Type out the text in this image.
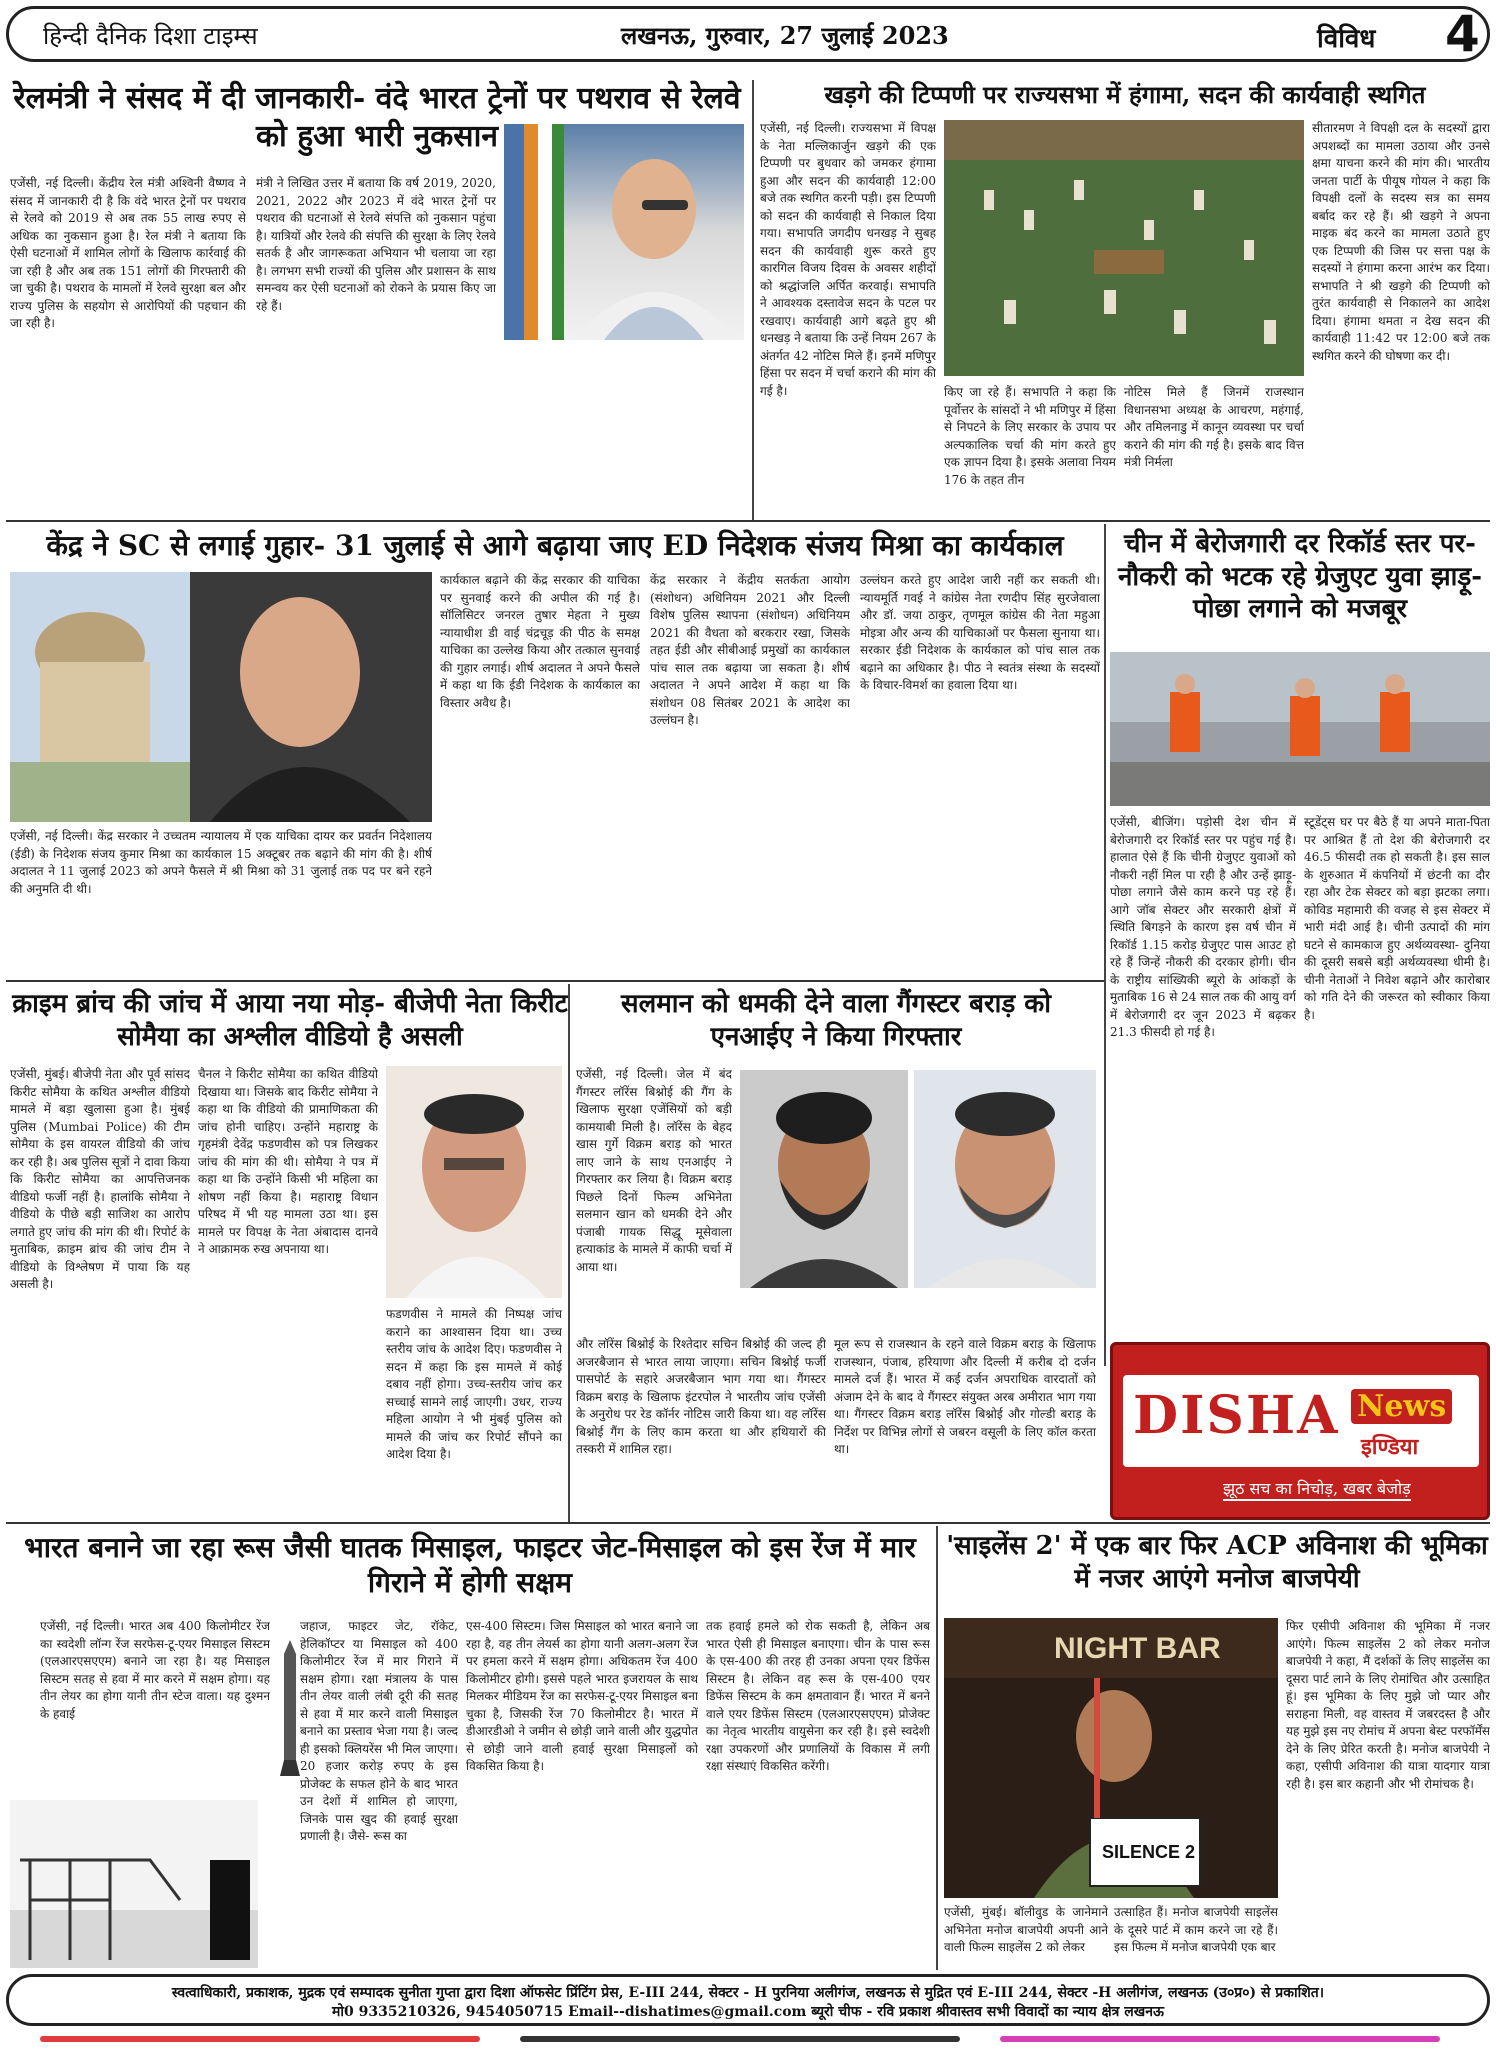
हिन्दी दैनिक दिशा टाइम्स	लखनऊ, गुरुवार, 27 जुलाई 2023	विविध 4
रेलमंत्री ने संसद में दी जानकारी- वंदे भारत ट्रेनों पर पथराव से रेलवे को हुआ भारी नुकसान

एजेंसी, नई दिल्ली। केंद्रीय रेल मंत्री अश्विनी वैष्णव ने संसद में जानकारी दी है कि वंदे भारत ट्रेनों पर पथराव से रेलवे को 2019 से अब तक 55 लाख रुपए से अधिक का नुकसान हुआ है। रेल मंत्री ने बताया कि ऐसी घटनाओं में शामिल लोगों के खिलाफ कार्रवाई की जा रही है और अब तक 151 लोगों की गिरफ्तारी की जा चुकी है। पथराव के मामलों में रेलवे सुरक्षा बल और राज्य पुलिस के सहयोग से आरोपियों की पहचान की जा रही है।

मंत्री ने लिखित उत्तर में बताया कि वर्ष 2019, 2020, 2021, 2022 और 2023 में वंदे भारत ट्रेनों पर पथराव की घटनाओं से रेलवे संपत्ति को नुकसान पहुंचा है। यात्रियों और रेलवे की संपत्ति की सुरक्षा के लिए रेलवे सतर्क है और जागरूकता अभियान भी चलाया जा रहा है। लगभग सभी राज्यों की पुलिस और प्रशासन के साथ समन्वय कर ऐसी घटनाओं को रोकने के प्रयास किए जा रहे हैं।

खड़गे की टिप्पणी पर राज्यसभा में हंगामा, सदन की कार्यवाही स्थगित

एजेंसी, नई दिल्ली। राज्यसभा में विपक्ष के नेता मल्लिकार्जुन खड़गे की एक टिप्पणी पर बुधवार को जमकर हंगामा हुआ और सदन की कार्यवाही 12:00 बजे तक स्थगित करनी पड़ी। इस टिप्पणी को सदन की कार्यवाही से निकाल दिया गया। सभापति जगदीप धनखड़ ने सुबह सदन की कार्यवाही शुरू करते हुए कारगिल विजय दिवस के अवसर शहीदों को श्रद्धांजलि अर्पित करवाई। सभापति ने आवश्यक दस्तावेज सदन के पटल पर रखवाए। कार्यवाही आगे बढ़ते हुए श्री धनखड़ ने बताया कि उन्हें नियम 267 के अंतर्गत 42 नोटिस मिले हैं। इनमें मणिपुर हिंसा पर सदन में चर्चा कराने की मांग की गई है।	किए जा रहे हैं। सभापति ने कहा कि पूर्वोत्तर के सांसदों ने भी मणिपुर में हिंसा से निपटने के लिए सरकार के उपाय पर अल्पकालिक चर्चा की मांग करते हुए एक ज्ञापन दिया है। इसके अलावा नियम 176 के तहत तीन

नोटिस मिले हैं जिनमें राजस्थान विधानसभा अध्यक्ष के आचरण, महंगाई, और तमिलनाडु में कानून व्यवस्था पर चर्चा कराने की मांग की गई है। इसके बाद वित्त मंत्री निर्मला

सीतारमण ने विपक्षी दल के सदस्यों द्वारा अपशब्दों का मामला उठाया और उनसे क्षमा याचना करने की मांग की। भारतीय जनता पार्टी के पीयूष गोयल ने कहा कि विपक्षी दलों के सदस्य सत्र का समय बर्बाद कर रहे हैं। श्री खड़गे ने अपना माइक बंद करने का मामला उठाते हुए एक टिप्पणी की जिस पर सत्ता पक्ष के सदस्यों ने हंगामा करना आरंभ कर दिया। सभापति ने श्री खड़गे की टिप्पणी को तुरंत कार्यवाही से निकालने का आदेश दिया। हंगामा थमता न देख सदन की कार्यवाही 11:42 पर 12:00 बजे तक स्थगित करने की घोषणा कर दी।

केंद्र ने SC से लगाई गुहार- 31 जुलाई से आगे बढ़ाया जाए ED निदेशक संजय मिश्रा का कार्यकाल

एजेंसी, नई दिल्ली। केंद्र सरकार ने उच्चतम न्यायालय में एक याचिका दायर कर प्रवर्तन निदेशालय (ईडी) के निदेशक संजय कुमार मिश्रा का कार्यकाल 15 अक्टूबर तक बढ़ाने की मांग की है। शीर्ष अदालत ने 11 जुलाई 2023 को अपने फैसले में श्री मिश्रा को 31 जुलाई तक पद पर बने रहने की अनुमति दी थी।

कार्यकाल बढ़ाने की केंद्र सरकार की याचिका पर सुनवाई करने की अपील की गई है। सॉलिसिटर जनरल तुषार मेहता ने मुख्य न्यायाधीश डी वाई चंद्रचूड़ की पीठ के समक्ष याचिका का उल्लेख किया और तत्काल सुनवाई की गुहार लगाई। शीर्ष अदालत ने अपने फैसले में कहा था कि ईडी निदेशक के कार्यकाल का विस्तार अवैध है।

केंद्र सरकार ने केंद्रीय सतर्कता आयोग (संशोधन) अधिनियम 2021 और दिल्ली विशेष पुलिस स्थापना (संशोधन) अधिनियम 2021 की वैधता को बरकरार रखा, जिसके तहत ईडी और सीबीआई प्रमुखों का कार्यकाल पांच साल तक बढ़ाया जा सकता है। शीर्ष अदालत ने अपने आदेश में कहा था कि संशोधन 08 सितंबर 2021 के आदेश का उल्लंघन है।

उल्लंघन करते हुए आदेश जारी नहीं कर सकती थी। न्यायमूर्ति गवई ने कांग्रेस नेता रणदीप सिंह सुरजेवाला और डॉ. जया ठाकुर, तृणमूल कांग्रेस की नेता महुआ मोइत्रा और अन्य की याचिकाओं पर फैसला सुनाया था। सरकार ईडी निदेशक के कार्यकाल को पांच साल तक बढ़ाने का अधिकार है। पीठ ने स्वतंत्र संस्था के सदस्यों के विचार-विमर्श का हवाला दिया था।

चीन में बेरोजगारी दर रिकॉर्ड स्तर पर- नौकरी को भटक रहे ग्रेजुएट युवा झाड़ू-पोछा लगाने को मजबूर

एजेंसी, बीजिंग। पड़ोसी देश चीन में बेरोजगारी दर रिकॉर्ड स्तर पर पहुंच गई है। हालात ऐसे हैं कि चीनी ग्रेजुएट युवाओं को नौकरी नहीं मिल पा रही है और उन्हें झाड़ू-पोछा लगाने जैसे काम करने पड़ रहे हैं। आगे जॉब सेक्टर और सरकारी क्षेत्रों में स्थिति बिगड़ने के कारण इस वर्ष चीन में रिकॉर्ड 1.15 करोड़ ग्रेजुएट पास आउट हो रहे हैं जिन्हें नौकरी की दरकार होगी। चीन के राष्ट्रीय सांख्यिकी ब्यूरो के आंकड़ों के मुताबिक 16 से 24 साल तक की आयु वर्ग में बेरोजगारी दर जून 2023 में बढ़कर 21.3 फीसदी हो गई है।

स्टूडेंट्स घर पर बैठे हैं या अपने माता-पिता पर आश्रित हैं तो देश की बेरोजगारी दर 46.5 फीसदी तक हो सकती है। इस साल के शुरुआत में कंपनियों में छंटनी का दौर रहा और टेक सेक्टर को बड़ा झटका लगा। कोविड महामारी की वजह से इस सेक्टर में भारी मंदी आई है। चीनी उत्पादों की मांग घटने से कामकाज हुए अर्थव्यवस्था- दुनिया की दूसरी सबसे बड़ी अर्थव्यवस्था धीमी है। चीनी नेताओं ने निवेश बढ़ाने और कारोबार को गति देने की जरूरत को स्वीकार किया है।

क्राइम ब्रांच की जांच में आया नया मोड़- बीजेपी नेता किरीट सोमैया का अश्लील वीडियो है असली

एजेंसी, मुंबई। बीजेपी नेता और पूर्व सांसद किरीट सोमैया के कथित अश्लील वीडियो मामले में बड़ा खुलासा हुआ है। मुंबई पुलिस (Mumbai Police) की टीम सोमैया के इस वायरल वीडियो की जांच कर रही है। अब पुलिस सूत्रों ने दावा किया कि किरीट सोमैया का आपत्तिजनक वीडियो फर्जी नहीं है। हालांकि सोमैया ने वीडियो के पीछे बड़ी साजिश का आरोप लगाते हुए जांच की मांग की थी। रिपोर्ट के मुताबिक, क्राइम ब्रांच की जांच टीम ने वीडियो के विश्लेषण में पाया कि यह असली है।

चैनल ने किरीट सोमैया का कथित वीडियो दिखाया था। जिसके बाद किरीट सोमैया ने कहा था कि वीडियो की प्रामाणिकता की जांच होनी चाहिए। उन्होंने महाराष्ट्र के गृहमंत्री देवेंद्र फडणवीस को पत्र लिखकर जांच की मांग की थी। सोमैया ने पत्र में कहा था कि उन्होंने किसी भी महिला का शोषण नहीं किया है। महाराष्ट्र विधान परिषद में भी यह मामला उठा था। इस मामले पर विपक्ष के नेता अंबादास दानवे ने आक्रामक रुख अपनाया था।

फडणवीस ने मामले की निष्पक्ष जांच कराने का आश्वासन दिया था। उच्च स्तरीय जांच के आदेश दिए। फडणवीस ने सदन में कहा कि इस मामले में कोई दबाव नहीं होगा। उच्च-स्तरीय जांच कर सच्चाई सामने लाई जाएगी। उधर, राज्य महिला आयोग ने भी मुंबई पुलिस को मामले की जांच कर रिपोर्ट सौंपने का आदेश दिया है।

सलमान को धमकी देने वाला गैंगस्टर बराड़ को एनआईए ने किया गिरफ्तार

एजेंसी, नई दिल्ली। जेल में बंद गैंगस्टर लॉरेंस बिश्नोई की गैंग के खिलाफ सुरक्षा एजेंसियों को बड़ी कामयाबी मिली है। लॉरेंस के बेहद खास गुर्गे विक्रम बराड़ को भारत लाए जाने के साथ एनआईए ने गिरफ्तार कर लिया है। विक्रम बराड़ पिछले दिनों फिल्म अभिनेता सलमान खान को धमकी देने और पंजाबी गायक सिद्धू मूसेवाला हत्याकांड के मामले में काफी चर्चा में आया था।

और लॉरेंस बिश्नोई के रिश्तेदार सचिन बिश्नोई की जल्द ही अजरबैजान से भारत लाया जाएगा। सचिन बिश्नोई फर्जी पासपोर्ट के सहारे अजरबैजान भाग गया था। गैंगस्टर विक्रम बराड़ के खिलाफ इंटरपोल ने भारतीय जांच एजेंसी के अनुरोध पर रेड कॉर्नर नोटिस जारी किया था। वह लॉरेंस बिश्नोई गैंग के लिए काम करता था और हथियारों की तस्करी में शामिल रहा।

मूल रूप से राजस्थान के रहने वाले विक्रम बराड़ के खिलाफ राजस्थान, पंजाब, हरियाणा और दिल्ली में करीब दो दर्जन मामले दर्ज हैं। भारत में कई दर्जन अपराधिक वारदातों को अंजाम देने के बाद वे गैंगस्टर संयुक्त अरब अमीरात भाग गया था। गैंगस्टर विक्रम बराड़ लॉरेंस बिश्नोई और गोल्डी बराड़ के निर्देश पर विभिन्न लोगों से जबरन वसूली के लिए कॉल करता था।

DISHA News
इण्डिया
झूठ सच का निचोड़, खबर बेजोड़
भारत बनाने जा रहा रूस जैसी घातक मिसाइल, फाइटर जेट-मिसाइल को इस रेंज में मार गिराने में होगी सक्षम

एजेंसी, नई दिल्ली। भारत अब 400 किलोमीटर रेंज का स्वदेशी लॉन्ग रेंज सरफेस-टू-एयर मिसाइल सिस्टम (एलआरएसएएम) बनाने जा रहा है। यह मिसाइल सिस्टम सतह से हवा में मार करने में सक्षम होगा। यह तीन लेयर का होगा यानी तीन स्टेज वाला। यह दुश्मन के हवाई

जहाज, फाइटर जेट, रॉकेट, हेलिकॉप्टर या मिसाइल को 400 किलोमीटर रेंज में मार गिराने में सक्षम होगा। रक्षा मंत्रालय के पास तीन लेयर वाली लंबी दूरी की सतह से हवा में मार करने वाली मिसाइल बनाने का प्रस्ताव भेजा गया है। जल्द ही इसको क्लियरेंस भी मिल जाएगा। 20 हजार करोड़ रुपए के इस प्रोजेक्ट के सफल होने के बाद भारत उन देशों में शामिल हो जाएगा, जिनके पास खुद की हवाई सुरक्षा प्रणाली है। जैसे- रूस का

एस-400 सिस्टम। जिस मिसाइल को भारत बनाने जा रहा है, वह तीन लेयर्स का होगा यानी अलग-अलग रेंज पर हमला करने में सक्षम होगा। अधिकतम रेंज 400 किलोमीटर होगी। इससे पहले भारत इजरायल के साथ मिलकर मीडियम रेंज का सरफेस-टू-एयर मिसाइल बना चुका है, जिसकी रेंज 70 किलोमीटर है। भारत में डीआरडीओ ने जमीन से छोड़ी जाने वाली और युद्धपोत से छोड़ी जाने वाली हवाई सुरक्षा मिसाइलों को विकसित किया है।

तक हवाई हमले को रोक सकती है, लेकिन अब भारत ऐसी ही मिसाइल बनाएगा। चीन के पास रूस के एस-400 की तरह ही उनका अपना एयर डिफेंस सिस्टम है। लेकिन वह रूस के एस-400 एयर डिफेंस सिस्टम के कम क्षमतावान हैं। भारत में बनने वाले एयर डिफेंस सिस्टम (एलआरएसएएम) प्रोजेक्ट का नेतृत्व भारतीय वायुसेना कर रही है। इसे स्वदेशी रक्षा उपकरणों और प्रणालियों के विकास में लगी रक्षा संस्थाएं विकसित करेंगी।

'साइलेंस 2' में एक बार फिर ACP अविनाश की भूमिका में नजर आएंगे मनोज बाजपेयी
NIGHT BAR
SILENCE 2

एजेंसी, मुंबई। बॉलीवुड के जानेमाने अभिनेता मनोज बाजपेयी अपनी आने वाली फिल्म साइलेंस 2 को लेकर

उत्साहित हैं। मनोज बाजपेयी साइलेंस के दूसरे पार्ट में काम करने जा रहे हैं। इस फिल्म में मनोज बाजपेयी एक बार

फिर एसीपी अविनाश की भूमिका में नजर आएंगे। फिल्म साइलेंस 2 को लेकर मनोज बाजपेयी ने कहा, मैं दर्शकों के लिए साइलेंस का दूसरा पार्ट लाने के लिए रोमांचित और उत्साहित हूं। इस भूमिका के लिए मुझे जो प्यार और सराहना मिली, वह वास्तव में जबरदस्त है और यह मुझे इस नए रोमांच में अपना बेस्ट परफॉर्मेंस देने के लिए प्रेरित करती है। मनोज बाजपेयी ने कहा, एसीपी अविनाश की यात्रा यादगार यात्रा रही है। इस बार कहानी और भी रोमांचक है।

स्वत्वाधिकारी, प्रकाशक, मुद्रक एवं सम्पादक सुनीता गुप्ता द्वारा दिशा ऑफसेट प्रिंटिंग प्रेस, E-III 244, सेक्टर - H पुरनिया अलीगंज, लखनऊ से मुद्रित एवं E-III 244, सेक्टर -H अलीगंज, लखनऊ (उ०प्र०) से प्रकाशित।
मो0 9335210326, 9454050715 Email--dishatimes@gmail.com ब्यूरो चीफ - रवि प्रकाश श्रीवास्तव सभी विवादों का न्याय क्षेत्र लखनऊ
